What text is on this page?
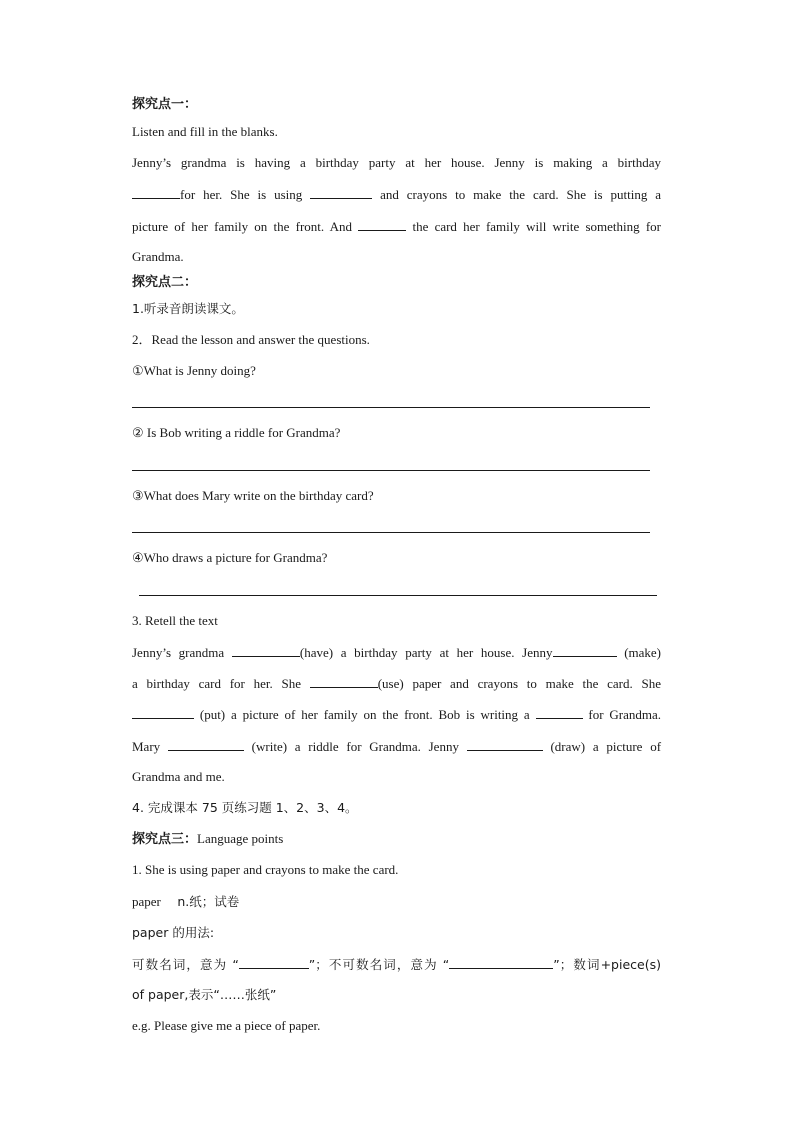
探究点一：
Listen and fill in the blanks.
Jenny’s grandma is having a birthday party at her house. Jenny is making a birthday
for her. She is using	and crayons to make the card. She is putting a
picture of her family on the front. And	the card her family will write something for
Grandma.
探究点二：
1.听录音朗读课文。
2．Read the lesson and answer the questions.
①What is Jenny doing?
② Is Bob writing a riddle for Grandma?
③What does Mary write on the birthday card?
④Who draws a picture for Grandma?
3. Retell the text
Jenny’s grandma	(have) a birthday party at her house. Jenny	(make)
a birthday card for her. She	(use) paper and crayons to make the card. She
(put) a picture of her family on the front. Bob is writing a	for Grandma.
Mary	(write) a riddle for Grandma. Jenny	(draw) a picture of
Grandma and me.
4. 完成课本 75 页练习题 1、2、3、4。
探究点三：Language points
1. She is using paper and crayons to make the card.
paper n.纸；试卷
paper 的用法:
可数名词，意为 “	”；不可数名词，意为 “	”；数词+piece(s)
of paper,表示“……张纸”
e.g. Please give me a piece of paper.
